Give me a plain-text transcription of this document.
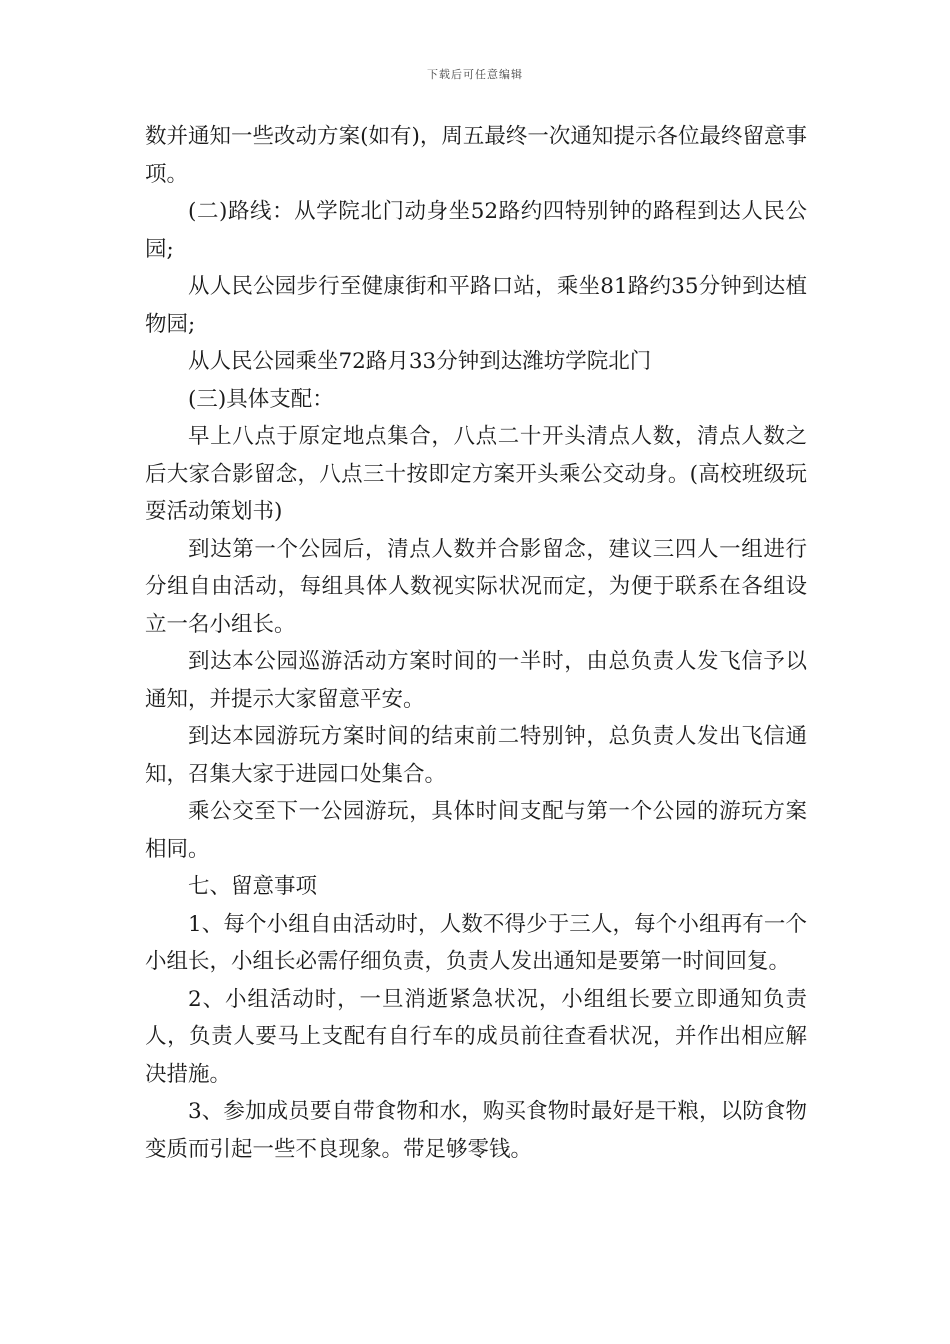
下载后可任意编辑

数并通知一些改动方案(如有)，周五最终一次通知提示各位最终留意事项。

(二)路线：从学院北门动身坐52路约四特别钟的路程到达人民公园;

从人民公园步行至健康街和平路口站，乘坐81路约35分钟到达植物园;

从人民公园乘坐72路月33分钟到达潍坊学院北门

(三)具体支配：

早上八点于原定地点集合，八点二十开头清点人数，清点人数之后大家合影留念，八点三十按即定方案开头乘公交动身。(高校班级玩耍活动策划书)

到达第一个公园后，清点人数并合影留念，建议三四人一组进行分组自由活动，每组具体人数视实际状况而定，为便于联系在各组设立一名小组长。

到达本公园巡游活动方案时间的一半时，由总负责人发飞信予以通知，并提示大家留意平安。

到达本园游玩方案时间的结束前二特别钟，总负责人发出飞信通知，召集大家于进园口处集合。

乘公交至下一公园游玩，具体时间支配与第一个公园的游玩方案相同。

七、留意事项

1、每个小组自由活动时，人数不得少于三人，每个小组再有一个小组长，小组长必需仔细负责，负责人发出通知是要第一时间回复。

2、小组活动时，一旦消逝紧急状况，小组组长要立即通知负责人，负责人要马上支配有自行车的成员前往查看状况，并作出相应解决措施。

3、参加成员要自带食物和水，购买食物时最好是干粮，以防食物变质而引起一些不良现象。带足够零钱。
